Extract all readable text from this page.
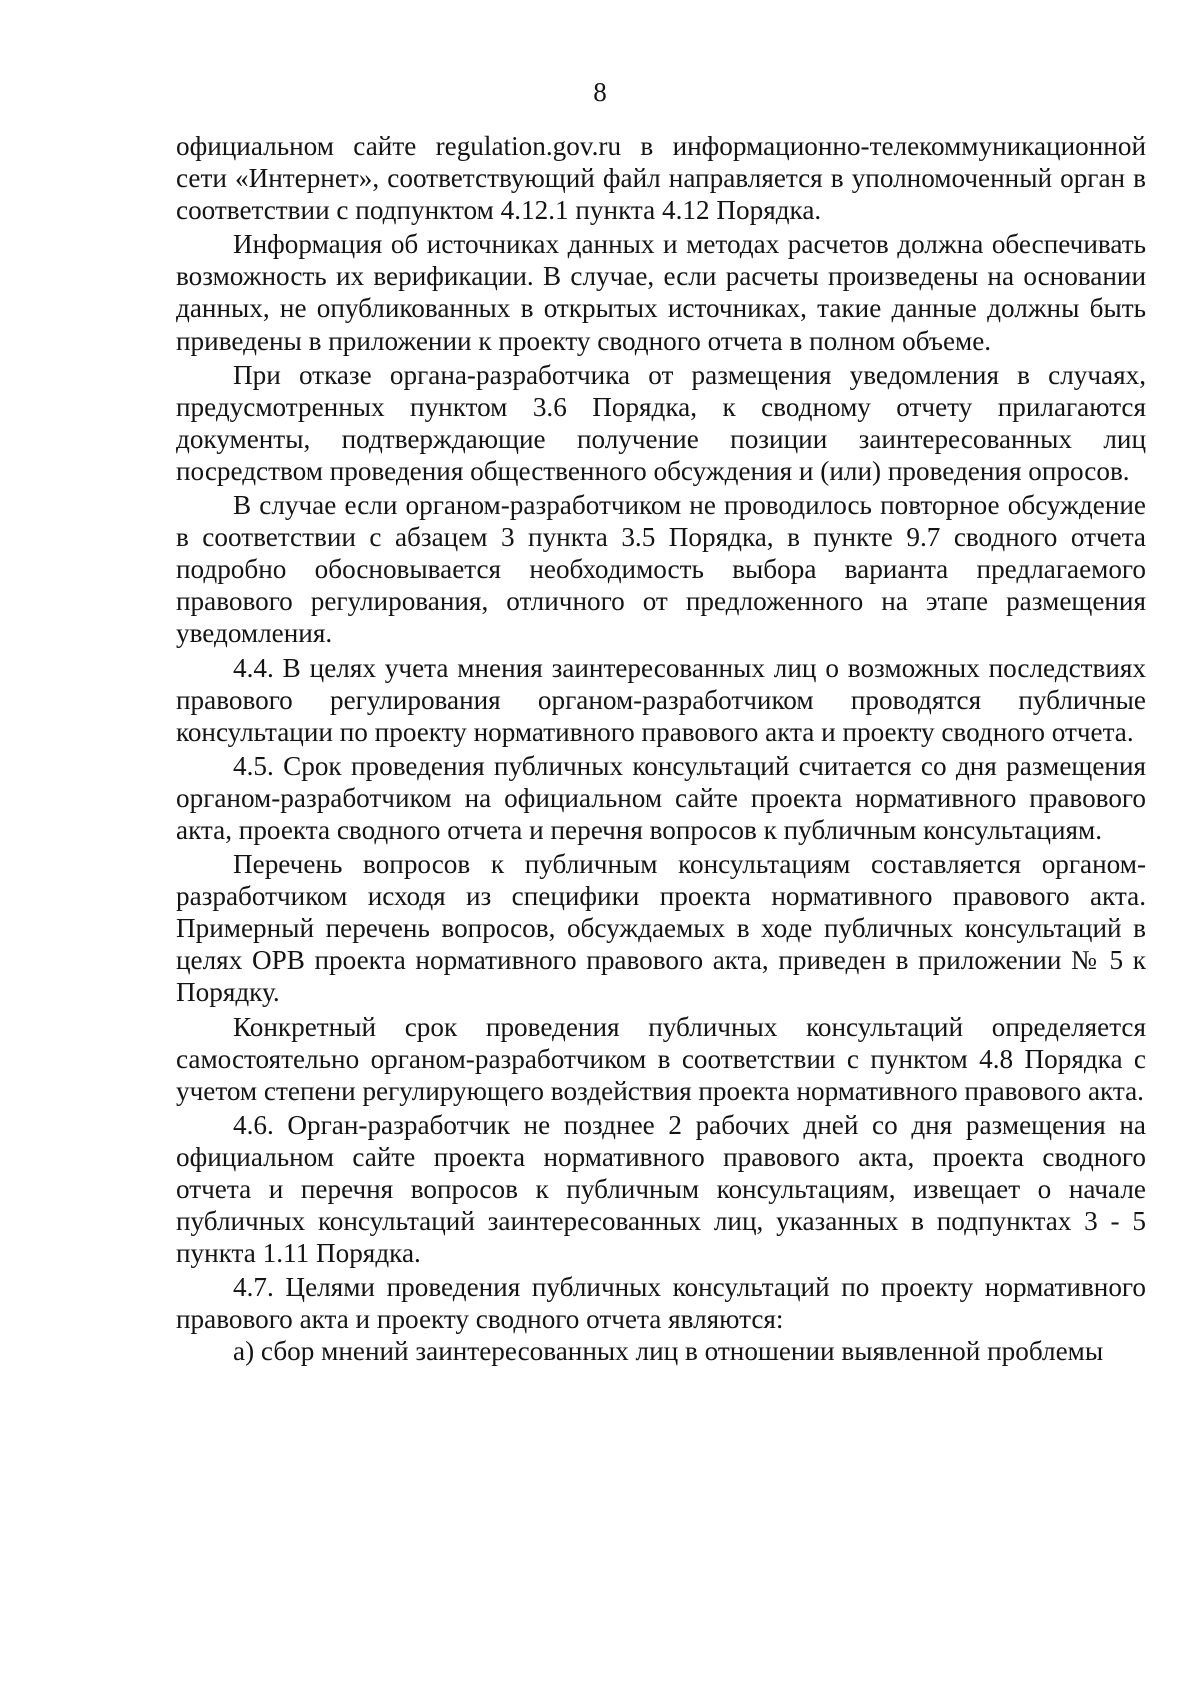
8

официальном сайте regulation.gov.ru в информационно-телекоммуникационной сети «Интернет», соответствующий файл направляется в уполномоченный орган в соответствии с подпунктом 4.12.1 пункта 4.12 Порядка.

Информация об источниках данных и методах расчетов должна обеспечивать возможность их верификации. В случае, если расчеты произведены на основании данных, не опубликованных в открытых источниках, такие данные должны быть приведены в приложении к проекту сводного отчета в полном объеме.

При отказе органа-разработчика от размещения уведомления в случаях, предусмотренных пунктом 3.6 Порядка, к сводному отчету прилагаются документы, подтверждающие получение позиции заинтересованных лиц посредством проведения общественного обсуждения и (или) проведения опросов.

В случае если органом-разработчиком не проводилось повторное обсуждение в соответствии с абзацем 3 пункта 3.5 Порядка, в пункте 9.7 сводного отчета подробно обосновывается необходимость выбора варианта предлагаемого правового регулирования, отличного от предложенного на этапе размещения уведомления.

4.4. В целях учета мнения заинтересованных лиц о возможных последствиях правового регулирования органом-разработчиком проводятся публичные консультации по проекту нормативного правового акта и проекту сводного отчета.

4.5. Срок проведения публичных консультаций считается со дня размещения органом-разработчиком на официальном сайте проекта нормативного правового акта, проекта сводного отчета и перечня вопросов к публичным консультациям.

Перечень вопросов к публичным консультациям составляется органом-разработчиком исходя из специфики проекта нормативного правового акта. Примерный перечень вопросов, обсуждаемых в ходе публичных консультаций в целях ОРВ проекта нормативного правового акта, приведен в приложении № 5 к Порядку.

Конкретный срок проведения публичных консультаций определяется самостоятельно органом-разработчиком в соответствии с пунктом 4.8 Порядка с учетом степени регулирующего воздействия проекта нормативного правового акта.

4.6. Орган-разработчик не позднее 2 рабочих дней со дня размещения на официальном сайте проекта нормативного правового акта, проекта сводного отчета и перечня вопросов к публичным консультациям, извещает о начале публичных консультаций заинтересованных лиц, указанных в подпунктах 3 - 5 пункта 1.11 Порядка.

4.7. Целями проведения публичных консультаций по проекту нормативного правового акта и проекту сводного отчета являются:

а) сбор мнений заинтересованных лиц в отношении выявленной проблемы
